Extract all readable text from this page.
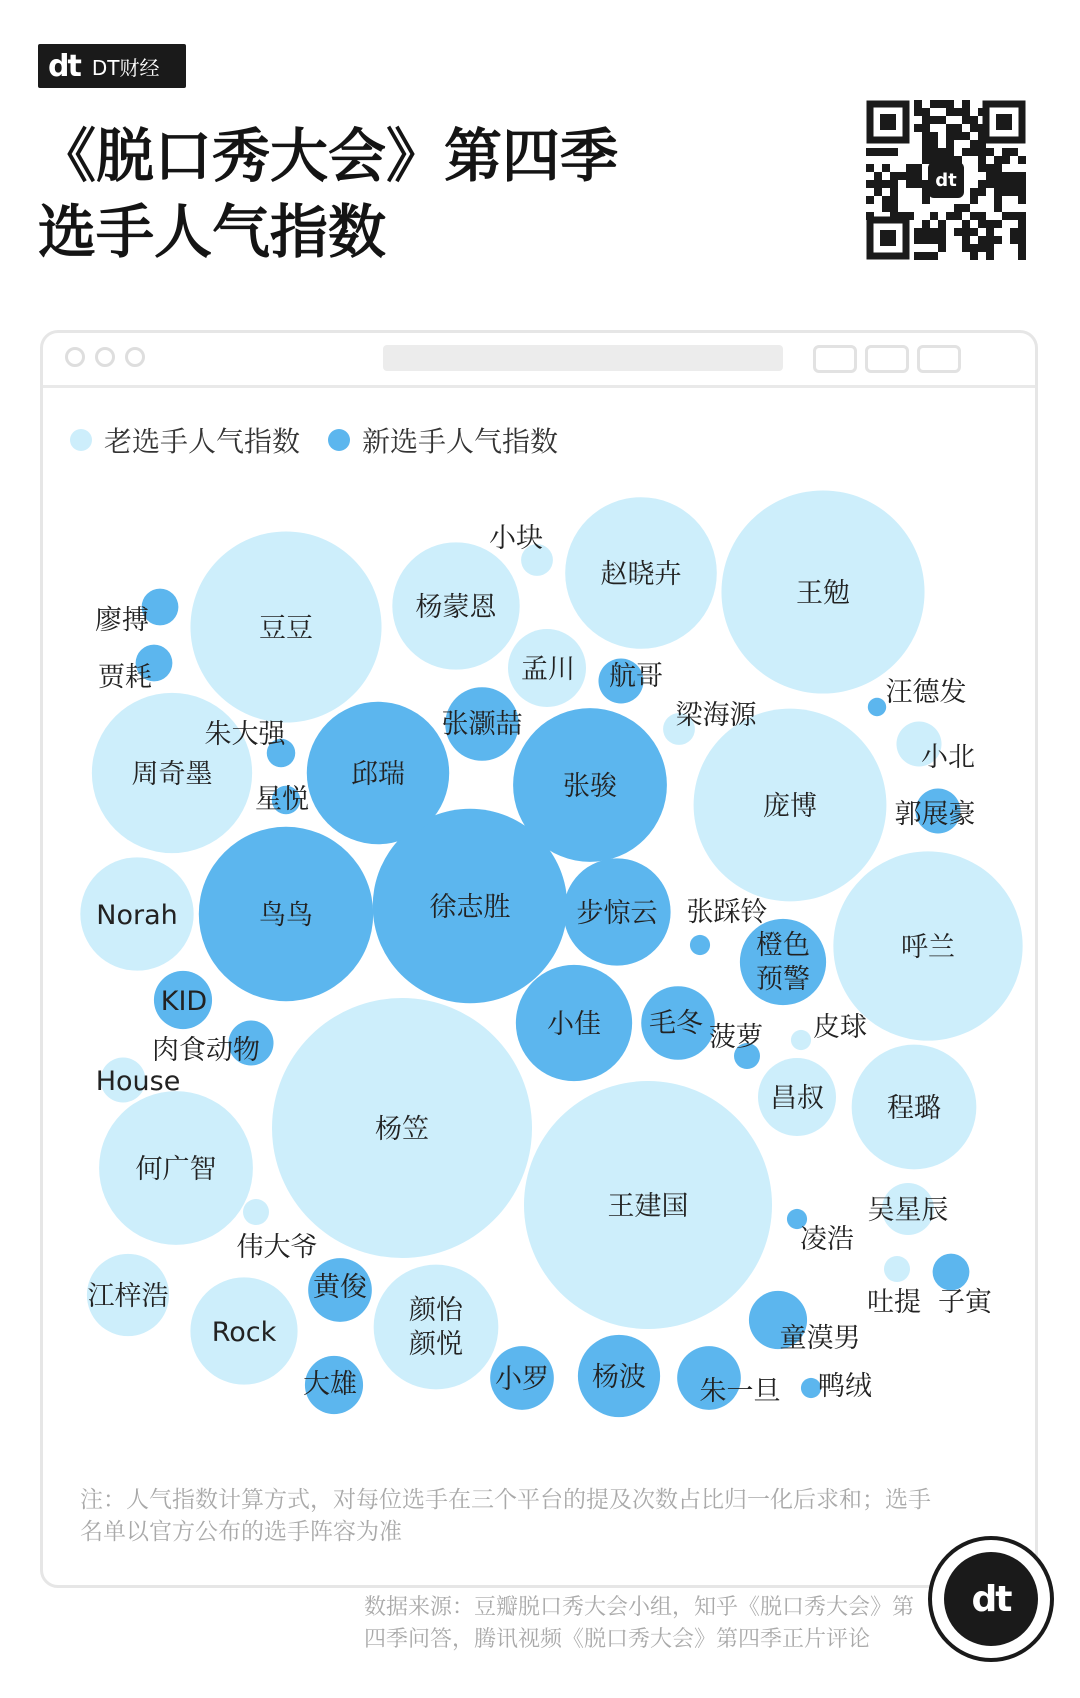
dt DT财经
《脱口秀大会》第四季
选手人气指数
dt
老选手人气指数 新选手人气指数
杨笠
王建国
王勉
徐志胜
庞博
豆豆
呼兰
鸟鸟
周奇墨	张骏
何广智
赵晓卉
邱瑞
杨蒙恩
程璐
颜怡颜悦
小佳
Norah
Rock
步惊云
橙色预警
江梓浩
杨波
孟川
昌叔
张灏喆
毛冬
小罗	朱一旦
黄俊
童漠男
KID
大雄
吴星辰
郭展豪
航哥
肉食动物
House
小北
廖搏
贾耗
子寅
小块
梁海源
朱大强
星悦
伟大爷
菠萝
吐提
张踩铃
皮球
凌浩
鸭绒
汪德发
注：人气指数计算方式，对每位选手在三个平台的提及次数占比归一化后求和；选手名单以官方公布的选手阵容为准
数据来源：豆瓣脱口秀大会小组，知乎《脱口秀大会》第四季问答，腾讯视频《脱口秀大会》第四季正片评论
dt
